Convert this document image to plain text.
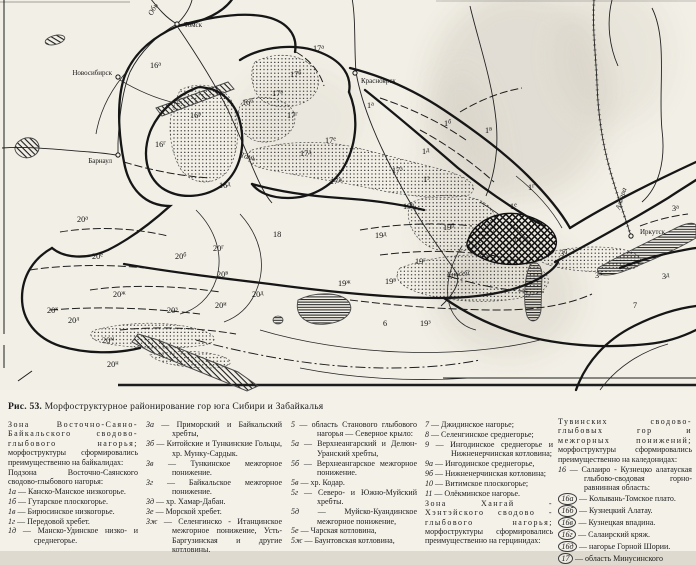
Томск
Новосибирск
Барнаул
Красноярск
Иркутск
Обь
Томь
Енисей
Ангара
$16^а$
$16^б$
$16^в$
$16^г$
$16^д$
$17^а$
$17^б$
$17^в$
$17^г$
$17^д$
$17^е$
$17^ж$
$17^з$
$1^а$
$1^б$
$1^в$
$1^г$
$1^д$
$1^е$
$1^ж$
$1^з$
2
$3^а$
$3^б$
$3^в$	$3^д$
6
7
18
$19^а$
$19^б$
$19^в$
$19^г$
$19^д$
$19^ж$
$19^з$
$20^а$
$20^б$
$20^в$
$20^г$
$20^д$
$20^е$
$20^ж$
$20^з$	$20^и$
$20^к$
$20^л$
$20^м$
$20^н$
Рис. 53. Морфоструктурное районирование гор юга Сибири и Забайкалья
Зона Восточно-Саяно-Байкальского сводово-глыбового нагорья; морфоструктуры сформировались преимущественно на байкалидах:
Подзона Восточно-Саянского сводово-глыбового нагорья:
1а — Канско-Манское низкогорье.
1б — Гутарское плоскогорье.
1в — Бирюсинское низкогорье.
1г — Передовой хребет.
1д — Манско-Удинское низко- и среднегорье.
3а — Приморский и Байкальский хребты,
3б — Китойские и Тункинские Гольцы, хр. Мунку-Сардык.
3в — Тункинское межгорное понижение.
3г — Байкальское межгорное понижение.
3д — хр. Хамар-Дабан.
3е — Морской хребет.
3ж — Селенгинско - Итанцинское межгорное понижение, Усть-Баргузинская и другие котловины.
5 — область Станового глыбового нагорья — Северное крыло:
5а — Верхнеангарский и Делюн-Уранский хребты,
5б — Верхнеангарское межгорное понижение.
5в — хр. Кодар.
5г — Северо- и Южно-Муйский хребты.
5д — Муйско-Куандинское межгорное понижение,
5е — Чарская котловина,
5ж — Баунтовская котловина,
7 — Джидинское нагорье;
8 — Селенгинское среднегорье;
9 — Ингодинское среднегорье и Нижненерчинская котловина;
9а — Ингодинское среднегорье,
9б — Нижненерчинская котловина;
10 — Витимское плоскогорье;
11 — Олёкминское нагорье.
Зона Хангай - Хэнтэйского сводово - глыбового нагорья; морфоструктуры сформировались преимущественно на герцинидах:
Тувинских сводово-глыбовых гор и межгорных понижений; морфоструктуры сформировались преимущественно на каледонидах:
16 — Салаиро - Кузнецко алатауская глыбово-сводовая горно-равнинная область:
16а — Колывань-Томское плато.
16б — Кузнецкий Алатау.
16в — Кузнецкая впадина.
16г — Салаирский кряж.
16д — нагорье Горной Шории.
17 — область Минусинского
